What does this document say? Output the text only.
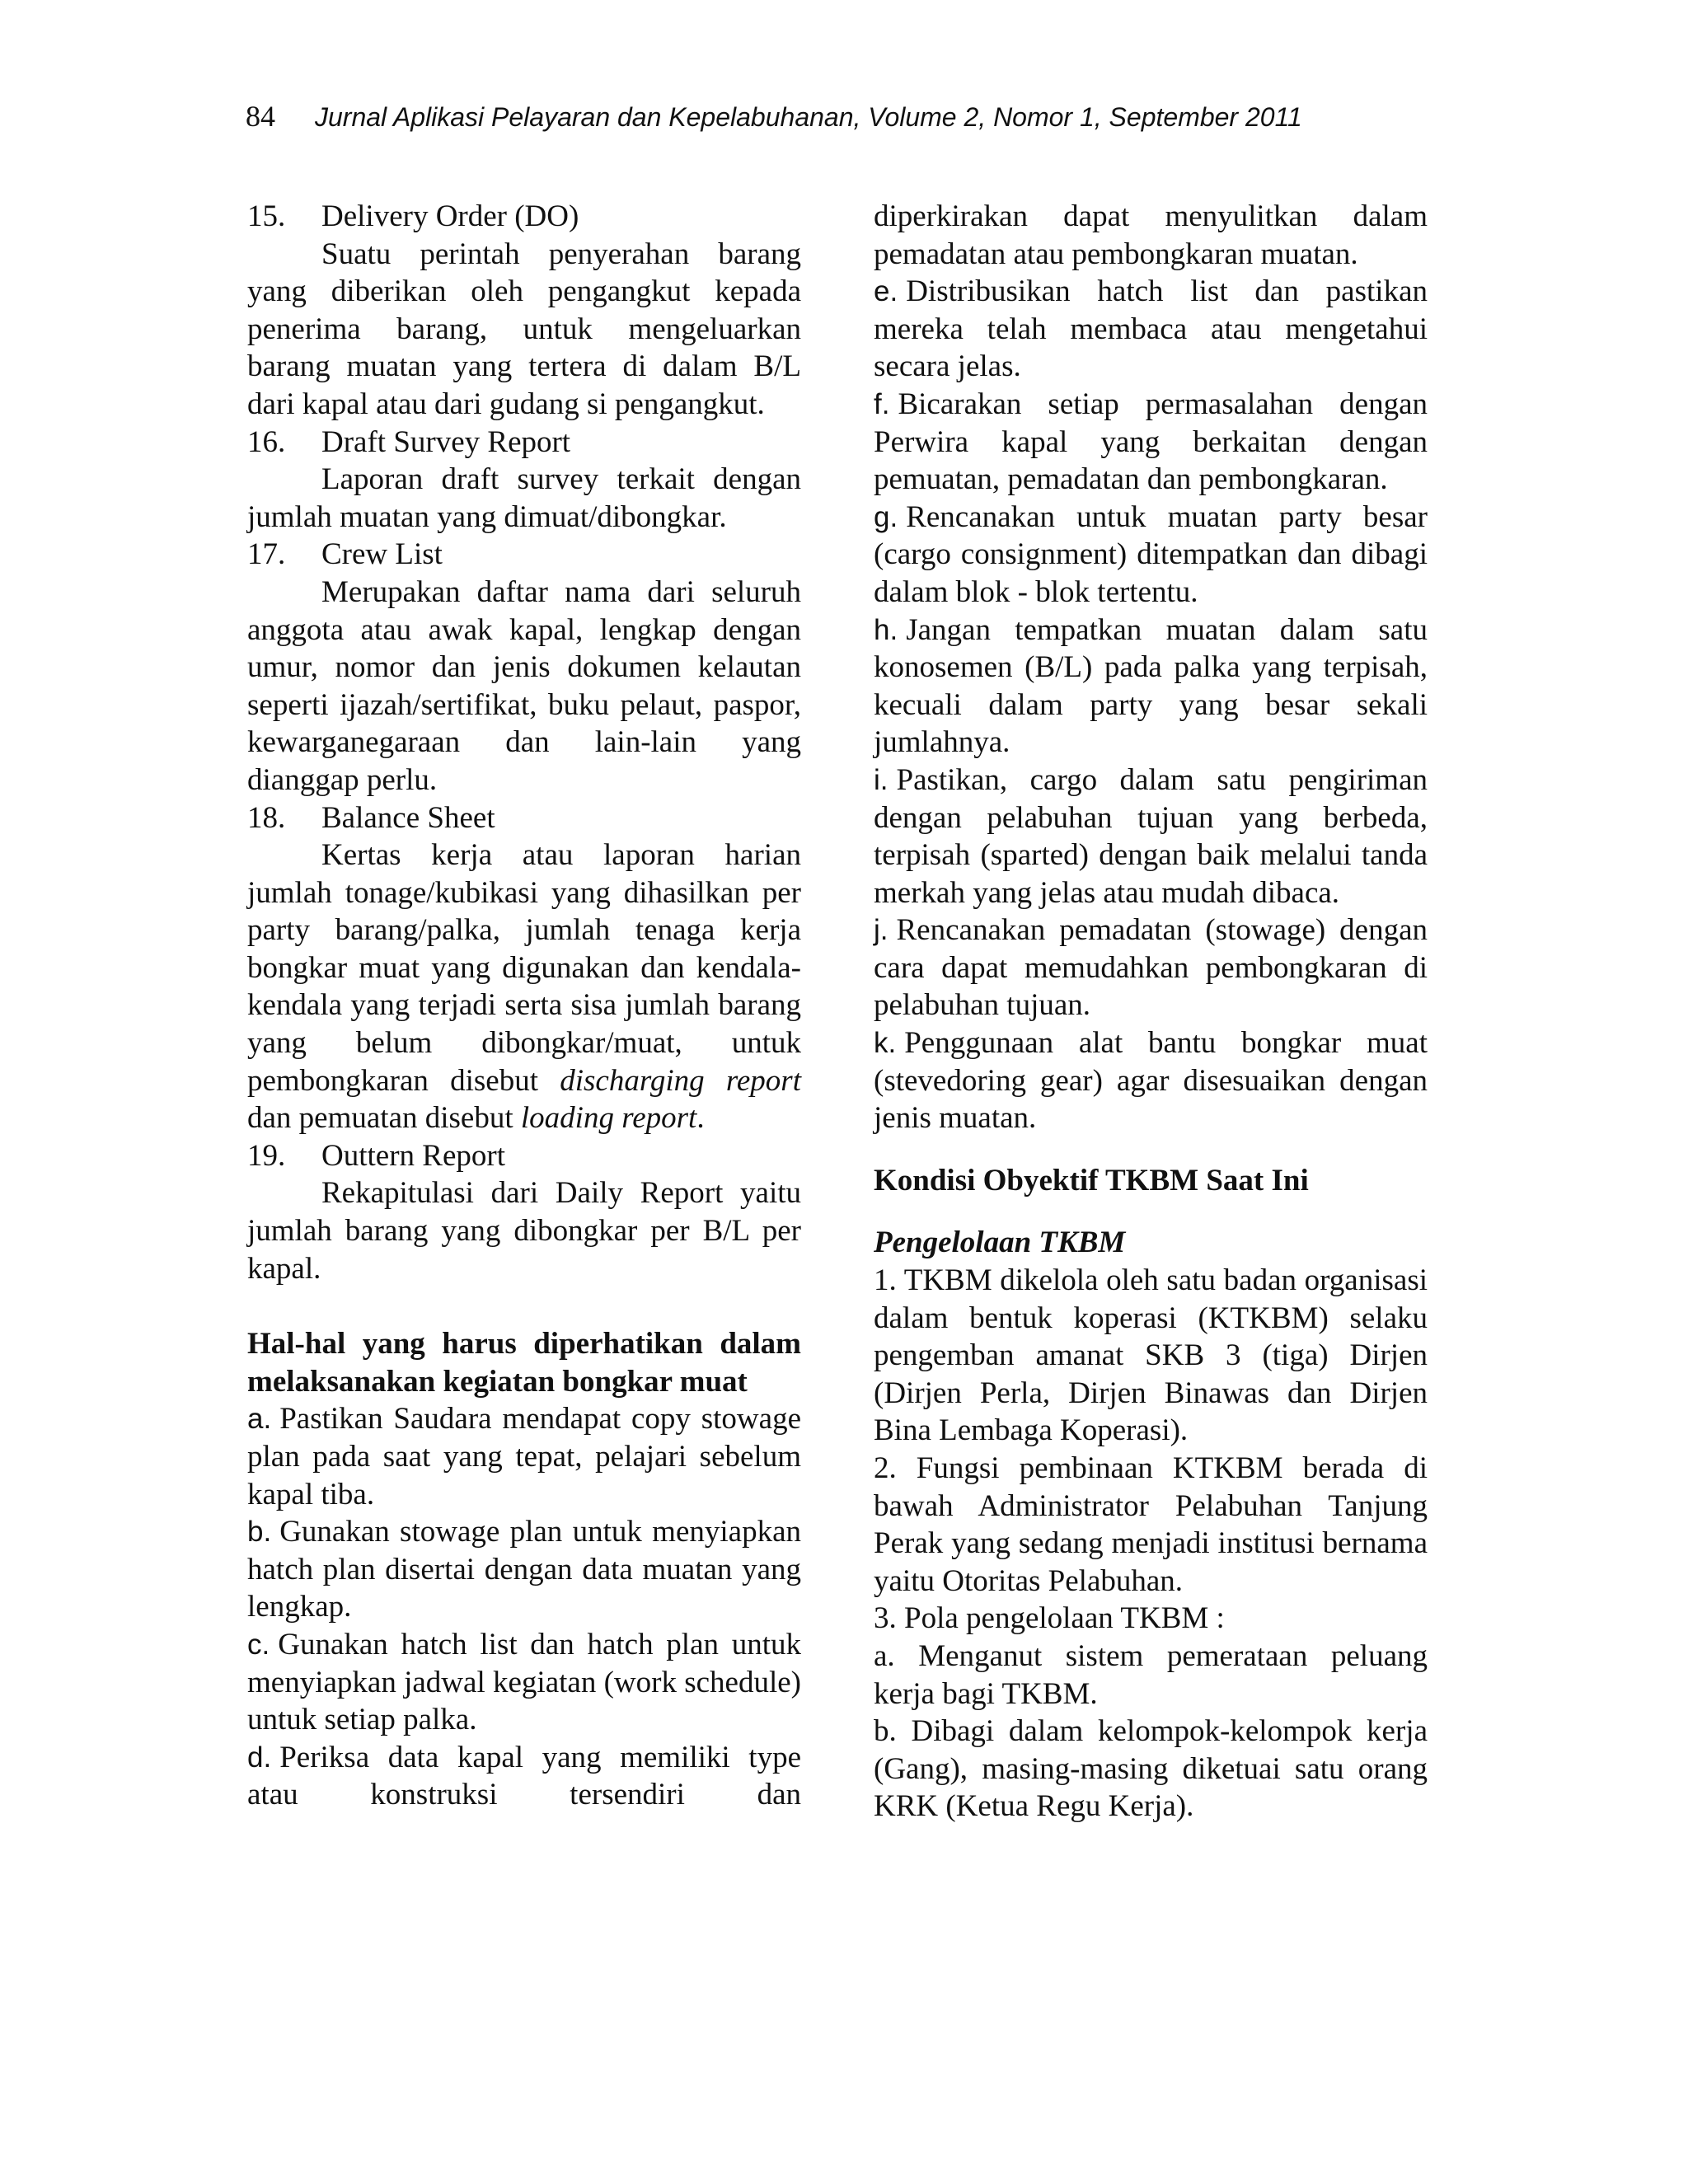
84 Jurnal Aplikasi Pelayaran dan Kepelabuhanan, Volume 2, Nomor 1, September 2011

15. Delivery Order (DO)

Suatu perintah penyerahan barang yang diberikan oleh pengangkut kepada penerima barang, untuk mengeluarkan barang muatan yang tertera di dalam B/L dari kapal atau dari gudang si pengangkut.

16. Draft Survey Report

Laporan draft survey terkait dengan jumlah muatan yang dimuat/dibongkar.

17. Crew List

Merupakan daftar nama dari seluruh anggota atau awak kapal, lengkap dengan umur, nomor dan jenis dokumen kelautan seperti ijazah/sertifikat, buku pelaut, paspor, kewarganegaraan dan lain-lain yang dianggap perlu.

18. Balance Sheet

Kertas kerja atau laporan harian jumlah tonage/kubikasi yang dihasilkan per party barang/palka, jumlah tenaga kerja bongkar muat yang digunakan dan kendala-kendala yang terjadi serta sisa jumlah barang yang belum dibongkar/muat, untuk pembongkaran disebut discharging report dan pemuatan disebut loading report.

19. Outtern Report

Rekapitulasi dari Daily Report yaitu jumlah barang yang dibongkar per B/L per kapal.

Hal-hal yang harus diperhatikan dalam melaksanakan kegiatan bongkar muat

a. Pastikan Saudara mendapat copy stowage plan pada saat yang tepat, pelajari sebelum kapal tiba.

b. Gunakan stowage plan untuk menyiapkan hatch plan disertai dengan data muatan yang lengkap.

c. Gunakan hatch list dan hatch plan untuk menyiapkan jadwal kegiatan (work schedule) untuk setiap palka.

d. Periksa data kapal yang memiliki type atau konstruksi tersendiri dan

diperkirakan dapat menyulitkan dalam pemadatan atau pembongkaran muatan.

e. Distribusikan hatch list dan pastikan mereka telah membaca atau mengetahui secara jelas.

f. Bicarakan setiap permasalahan dengan Perwira kapal yang berkaitan dengan pemuatan, pemadatan dan pembongkaran.

g. Rencanakan untuk muatan party besar (cargo consignment) ditempatkan dan dibagi dalam blok - blok tertentu.

h. Jangan tempatkan muatan dalam satu konosemen (B/L) pada palka yang terpisah, kecuali dalam party yang besar sekali jumlahnya.

i. Pastikan, cargo dalam satu pengiriman dengan pelabuhan tujuan yang berbeda, terpisah (sparted) dengan baik melalui tanda merkah yang jelas atau mudah dibaca.

j. Rencanakan pemadatan (stowage) dengan cara dapat memudahkan pembongkaran di pelabuhan tujuan.

k. Penggunaan alat bantu bongkar muat (stevedoring gear) agar disesuaikan dengan jenis muatan.

Kondisi Obyektif TKBM Saat Ini

Pengelolaan TKBM

1. TKBM dikelola oleh satu badan organisasi dalam bentuk koperasi (KTKBM) selaku pengemban amanat SKB 3 (tiga) Dirjen (Dirjen Perla, Dirjen Binawas dan Dirjen Bina Lembaga Koperasi).

2. Fungsi pembinaan KTKBM berada di bawah Administrator Pelabuhan Tanjung Perak yang sedang menjadi institusi bernama yaitu Otoritas Pelabuhan.

3. Pola pengelolaan TKBM :

a. Menganut sistem pemerataan peluang kerja bagi TKBM.

b. Dibagi dalam kelompok-kelompok kerja (Gang), masing-masing diketuai satu orang KRK (Ketua Regu Kerja).
